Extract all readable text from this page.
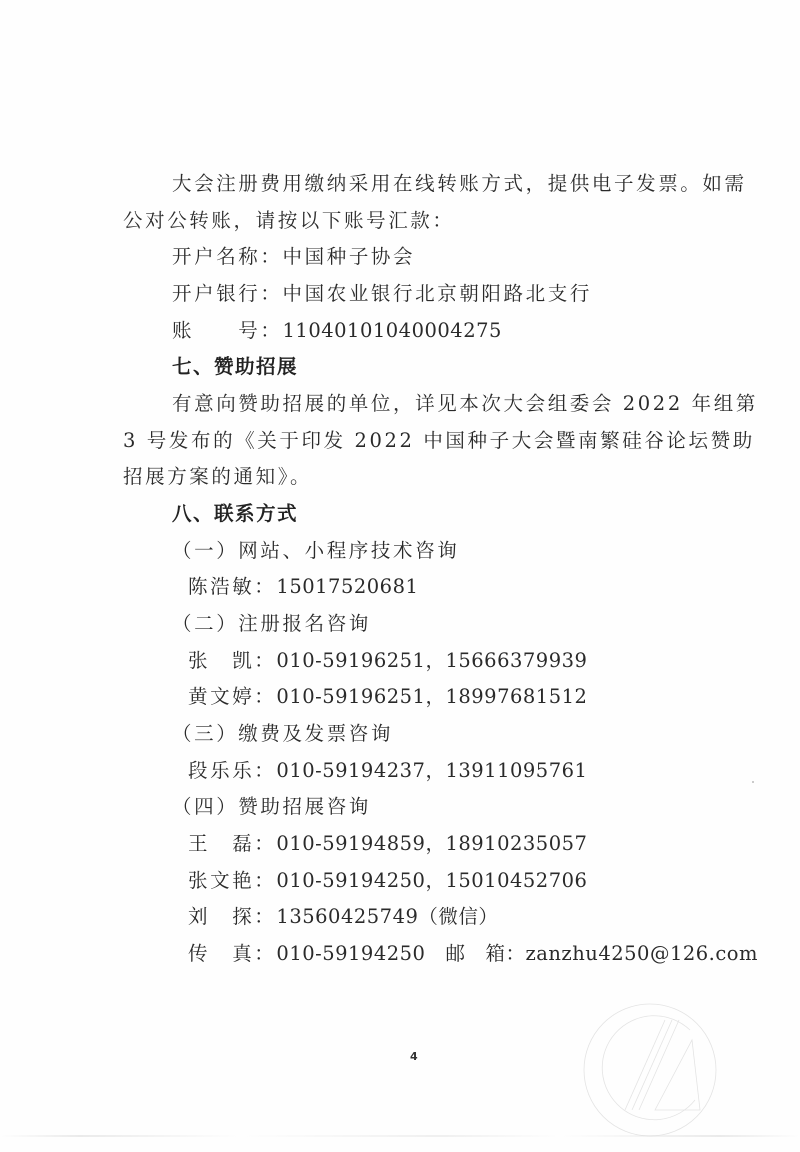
大会注册费用缴纳采用在线转账方式，提供电子发票。如需
公对公转账，请按以下账号汇款：
开户名称：中国种子协会
开户银行：中国农业银行北京朝阳路北支行
账　　号：11040101040004275
七、赞助招展
有意向赞助招展的单位，详见本次大会组委会 2022 年组第
3 号发布的《关于印发 2022 中国种子大会暨南繁硅谷论坛赞助
招展方案的通知》。
八、联系方式
（一）网站、小程序技术咨询
陈浩敏：15017520681
（二）注册报名咨询
张　凯：010-59196251，15666379939
黄文婷：010-59196251，18997681512
（三）缴费及发票咨询
段乐乐：010-59194237，13911095761
（四）赞助招展咨询
王　磊：010-59194859，18910235057
张文艳：010-59194250，15010452706
刘　探：13560425749（微信）
传　真：010-59194250　邮　箱：zanzhu4250@126.com
4
